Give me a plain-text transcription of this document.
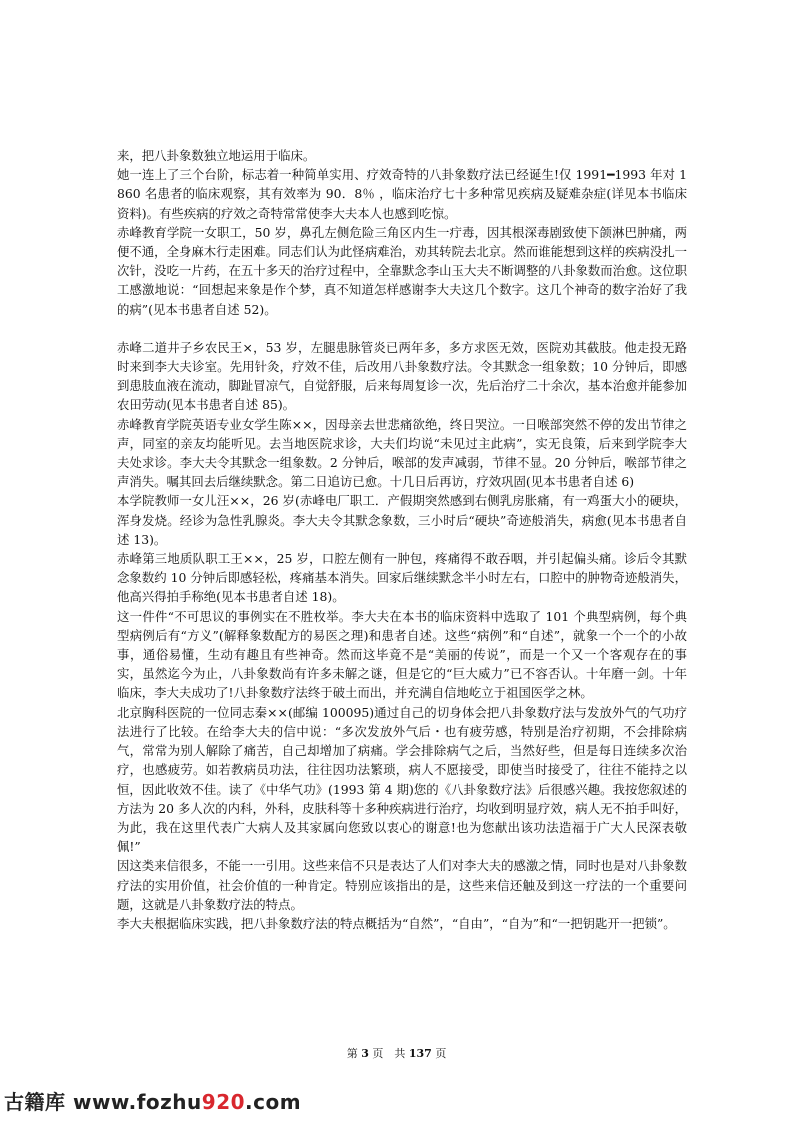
来，把八卦象数独立地运用于临床。

她一连上了三个台阶，标志着一种简单实用、疗效奇特的八卦象数疗法已经诞生!仅 1991━1993 年对 1860 名患者的临床观察，其有效率为 90．8％ ，临床治疗七十多种常见疾病及疑难杂症(详见本书临床资料)。有些疾病的疗效之奇特常常使李大夫本人也感到吃惊。

赤峰教育学院一女职工，50 岁，鼻孔左侧危险三角区内生一疔毒，因其根深毒剧致使下颌淋巴肿痛，两便不通，全身麻木行走困难。同志们认为此怪病难治，劝其转院去北京。然而谁能想到这样的疾病没扎一次针，没吃一片药，在五十多天的治疗过程中，全靠默念李山玉大夫不断调整的八卦象数而治愈。这位职工感激地说：“回想起来象是作个梦，真不知道怎样感谢李大夫这几个数字。这几个神奇的数字治好了我的病”(见本书患者自述 52)。

赤峰二道井子乡农民王×，53 岁，左腿患脉管炎已两年多，多方求医无效，医院劝其截肢。他走投无路时来到李大夫诊室。先用针灸，疗效不佳，后改用八卦象数疗法。令其默念一组象数；10 分钟后，即感到患肢血液在流动，脚趾冒凉气，自觉舒服，后来每周复诊一次，先后治疗二十余次，基本治愈并能参加农田劳动(见本书患者自述 85)。

赤峰教育学院英语专业女学生陈××，因母亲去世悲痛欲绝，终日哭泣。一日喉部突然不停的发出节律之声，同室的亲友均能听见。去当地医院求诊，大夫们均说“未见过主此病”，实无良策，后来到学院李大夫处求诊。李大夫令其默念一组象数。2 分钟后，喉部的发声减弱，节律不显。20 分钟后，喉部节律之声消失。嘱其回去后继续默念。第二日追访已愈。十几日后再访，疗效巩固(见本书患者自述 6)

本学院教师一女儿汪××，26 岁(赤峰电厂职工．产假期突然感到右侧乳房胀痛，有一鸡蛋大小的硬块，浑身发烧。经诊为急性乳腺炎。李大夫令其默念象数，三小时后“硬块”奇迹般消失，病愈(见本书患者自述 13)。

赤峰第三地质队职工王××，25 岁，口腔左侧有一肿包，疼痛得不敢吞咽，并引起偏头痛。诊后令其默念象数约 10 分钟后即感轻松，疼痛基本消失。回家后继续默念半小时左右，口腔中的肿物奇迹般消失，他高兴得拍手称绝(见本书患者自述 18)。

这一件件“不可思议的事例实在不胜枚举。李大夫在本书的临床资料中选取了 101 个典型病例，每个典型病例后有“方义”(解释象数配方的易医之理)和患者自述。这些“病例”和“自述”，就象一个一个的小故事，通俗易懂，生动有趣且有些神奇。然而这毕竟不是“美丽的传说”，而是一个又一个客观存在的事实，虽然迄今为止，八卦象数尚有许多未解之谜，但是它的“巨大威力”已不容否认。十年磨一剑。十年临床，李大夫成功了!八卦象数疗法终于破土而出，并充满自信地屹立于祖国医学之林。

北京胸科医院的一位同志秦××(邮编 100095)通过自己的切身体会把八卦象数疗法与发放外气的气功疗法进行了比较。在给李大夫的信中说：“多次发放外气后・也有疲劳感，特别是治疗初期，不会排除病气，常常为别人解除了痛苦，自己却增加了病痛。学会排除病气之后，当然好些，但是每日连续多次治疗，也感疲劳。如若教病员功法，往往因功法繁琐，病人不愿接受，即使当时接受了，往往不能持之以恒，因此收效不佳。读了《中华气功》(1993 第 4 期)您的《八卦象数疗法》后很感兴趣。我按您叙述的方法为 20 多人次的内科，外科，皮肤科等十多种疾病进行治疗，均收到明显疗效，病人无不拍手叫好，为此，我在这里代表广大病人及其家属向您致以衷心的谢意!也为您献出该功法造福于广大人民深表敬佩!”

因这类来信很多，不能一一引用。这些来信不只是表达了人们对李大夫的感激之情，同时也是对八卦象数疗法的实用价值，社会价值的一种肯定。特别应该指出的是，这些来信还触及到这一疗法的一个重要问题，这就是八卦象数疗法的特点。

李大夫根据临床实践，把八卦象数疗法的特点概括为“自然”，“自由”，“自为”和“一把钥匙开一把锁”。

第 3 页　共 137 页
古籍库 www.fozhu920.com
